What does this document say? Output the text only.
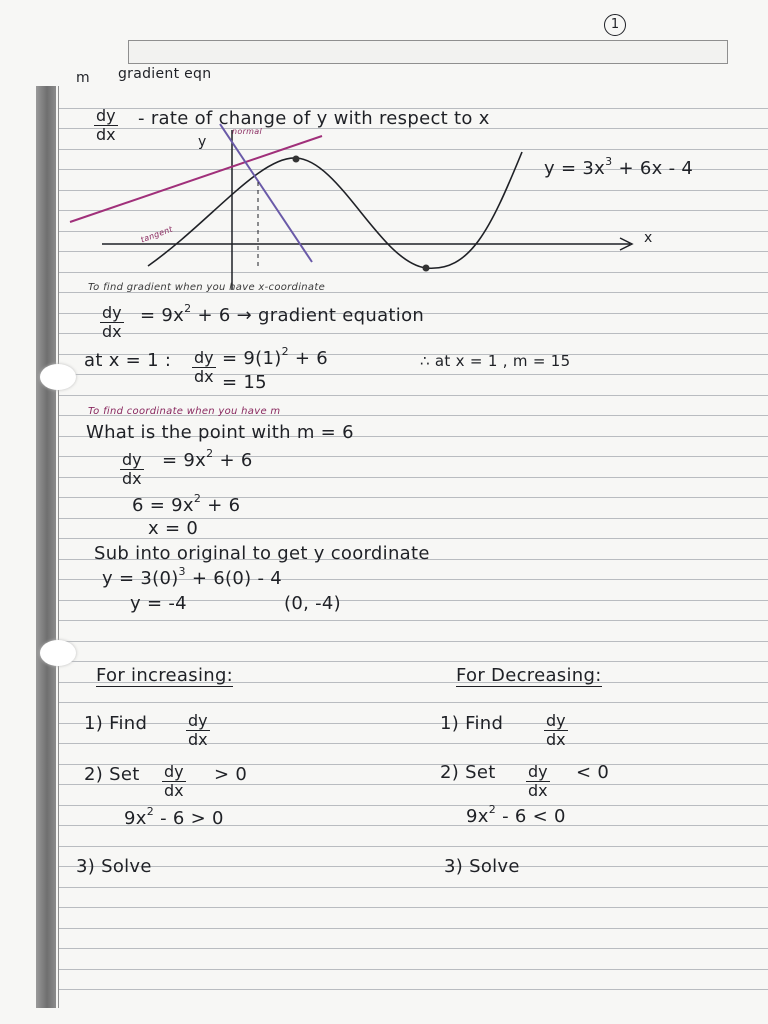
1
m gradient eqn
$\frac{dy}{dx}$ - rate of change of y with respect to x
y
x
normal
tangent
$y = 3x^3 + 6x - 4$
To find gradient when you have x-coordinate
$\frac{dy}{dx} = 9x^2 + 6$ → gradient equation
at x = 1 : $\frac{dy}{dx} = 9(1)^2 + 6$
= 15
∴ at x = 1 , m = 15
To find coordinate when you have m
What is the point with m = 6
$\frac{dy}{dx} = 9x^2 + 6$
$6 = 9x^2 + 6$
x = 0
Sub into original to get y coordinate
$y = 3(0)^3 + 6(0) - 4$
y = -4	(0, -4)
For increasing:
1) Find $\frac{dy}{dx}$
2) Set $\frac{dy}{dx} > 0$
$9x^2 - 6 > 0$
3) Solve
For Decreasing:
1) Find	$\frac{dy}{dx}$
2) Set $\frac{dy}{dx} < 0$
$9x^2 - 6 < 0$
3) Solve
